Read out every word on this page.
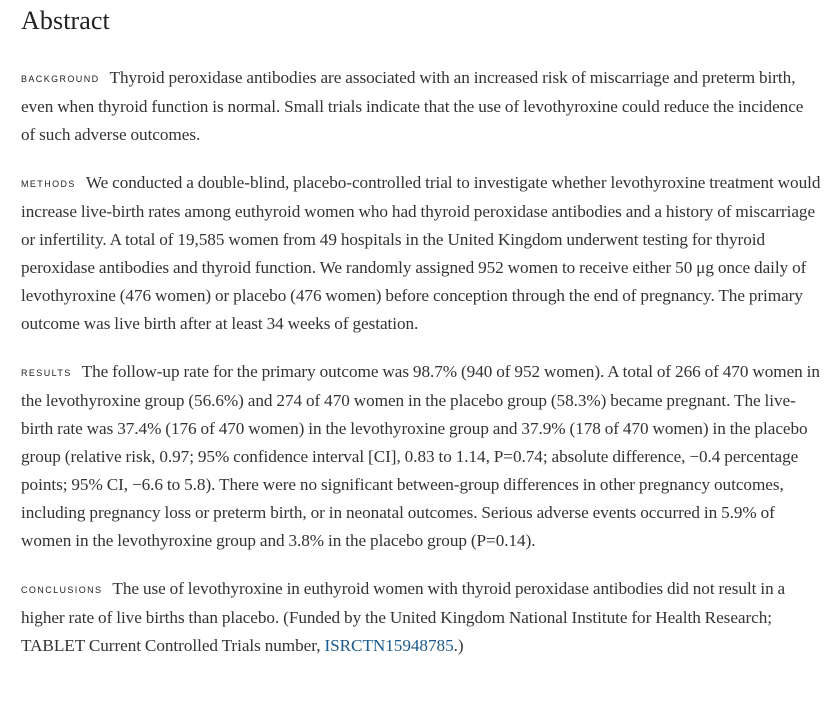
Abstract

background Thyroid peroxidase antibodies are associated with an increased risk of miscarriage and preterm birth, even when thyroid function is normal. Small trials indicate that the use of levothyroxine could reduce the incidence of such adverse outcomes.

methods We conducted a double-blind, placebo-controlled trial to investigate whether levothyroxine treatment would increase live-birth rates among euthyroid women who had thyroid peroxidase antibodies and a history of miscarriage or infertility. A total of 19,585 women from 49 hospitals in the United Kingdom underwent testing for thyroid peroxidase antibodies and thyroid function. We randomly assigned 952 women to receive either 50 μg once daily of levothyroxine (476 women) or placebo (476 women) before conception through the end of pregnancy. The primary outcome was live birth after at least 34 weeks of gestation.

results The follow-up rate for the primary outcome was 98.7% (940 of 952 women). A total of 266 of 470 women in the levothyroxine group (56.6%) and 274 of 470 women in the placebo group (58.3%) became pregnant. The live-birth rate was 37.4% (176 of 470 women) in the levothyroxine group and 37.9% (178 of 470 women) in the placebo group (relative risk, 0.97; 95% confidence interval [CI], 0.83 to 1.14, P=0.74; absolute difference, −0.4 percentage points; 95% CI, −6.6 to 5.8). There were no significant between-group differences in other pregnancy outcomes, including pregnancy loss or preterm birth, or in neonatal outcomes. Serious adverse events occurred in 5.9% of women in the levothyroxine group and 3.8% in the placebo group (P=0.14).

conclusions The use of levothyroxine in euthyroid women with thyroid peroxidase antibodies did not result in a higher rate of live births than placebo. (Funded by the United Kingdom National Institute for Health Research; TABLET Current Controlled Trials number, ISRCTN15948785.)
